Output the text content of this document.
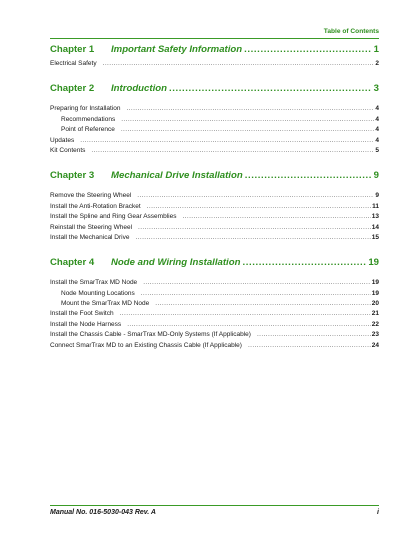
Table of Contents
Chapter 1	Important Safety Information .....	1
Electrical Safety .....	2
Chapter 2	Introduction .....	3
Preparing for Installation .....	4
Recommendations .....	4
Point of Reference .....	4
Updates .....	4
Kit Contents .....	5
Chapter 3	Mechanical Drive Installation .....	9
Remove the Steering Wheel .....	9
Install the Anti-Rotation Bracket .....	11
Install the Spline and Ring Gear Assemblies .....	13
Reinstall the Steering Wheel .....	14
Install the Mechanical Drive .....	15
Chapter 4	Node and Wiring Installation .....	19
Install the SmarTrax MD Node .....	19
Node Mounting Locations .....	19
Mount the SmarTrax MD Node .....	20
Install the Foot Switch .....	21
Install the Node Harness .....	22
Install the Chassis Cable - SmarTrax MD-Only Systems (If Applicable) .....	23
Connect SmarTrax MD to an Existing Chassis Cable (If Applicable) .....	24
Manual No. 016-5030-043 Rev. A	i
